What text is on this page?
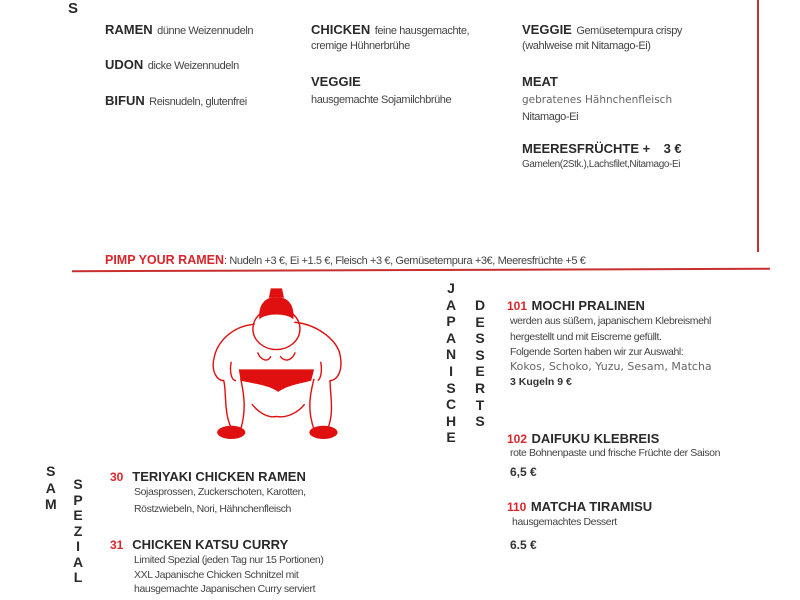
S
RAMEN dünne Weizennudeln
UDON dicke Weizennudeln
BIFUN Reisnudeln, glutenfrei
CHICKEN feine hausgemachte,
cremige Hühnerbrühe
VEGGIE
hausgemachte Sojamilchbrühe
VEGGIE Gemüsetempura crispy
(wahlweise mit Nitamago-Ei)
MEAT
gebratenes Hähnchenfleisch
Nitamago-Ei
MEERESFRÜCHTE + 3 €
Gamelen(2Stk.),Lachsfilet,Nitamago-Ei
PIMP YOUR RAMEN: Nudeln +3 €, Ei +1.5 €, Fleisch +3 €, Gemüsetempura +3€, Meeresfrüchte +5 €
J
A
P
A
N
I
S
C
H
E
D
E
S
S
E
R
T
S
101 MOCHI PRALINEN
werden aus süßem, japanischem Klebreismehl
hergestellt und mit Eiscreme gefüllt.
Folgende Sorten haben wir zur Auswahl:
Kokos, Schoko, Yuzu, Sesam, Matcha
3 Kugeln 9 €
102 DAIFUKU KLEBREIS
rote Bohnenpaste und frische Früchte der Saison
6,5 €
110 MATCHA TIRAMISU
hausgemachtes Dessert
6.5 €
S
A
M
S
P
E
Z
I
A
L
30 TERIYAKI CHICKEN RAMEN
Sojasprossen, Zuckerschoten, Karotten,
Röstzwiebeln, Nori, Hähnchenfleisch
31 CHICKEN KATSU CURRY
Limited Spezial (jeden Tag nur 15 Portionen)
XXL Japanische Chicken Schnitzel mit
hausgemachte Japanischen Curry serviert
